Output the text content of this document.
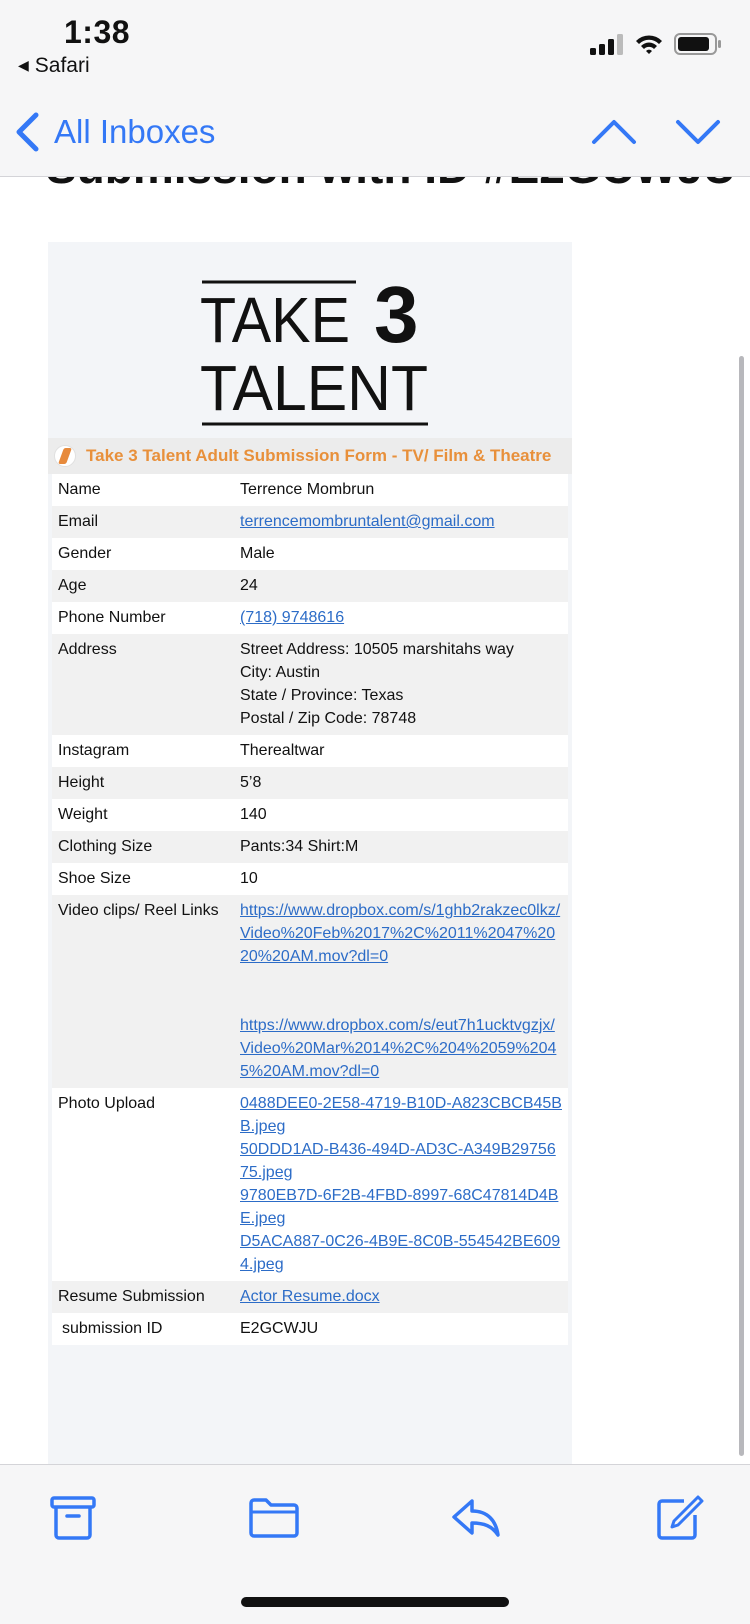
1:38
◀ Safari
All Inboxes
TAKE 3
TALENT
Take 3 Talent Adult Submission Form - TV/ Film & Theatre
Name	Terrence Mombrun
Email	terrencemombruntalent@gmail.com
Gender	Male
Age	24
Phone Number	(718) 9748616
Address	Street Address: 10505 marshitahs way
City: Austin
State / Province: Texas
Postal / Zip Code: 78748
Instagram	Therealtwar
Height	5’8
Weight	140
Clothing Size	Pants:34 Shirt:M
Shoe Size	10
Video clips/ Reel Links	https://www.dropbox.com/s/1ghb2rakzec0lkz/Video%20Feb%2017%2C%2011%2047%2020%20AM.mov?dl=0
https://www.dropbox.com/s/eut7h1ucktvgzjx/Video%20Mar%2014%2C%204%2059%2045%20AM.mov?dl=0
Photo Upload	0488DEE0-2E58-4719-B10D-A823CBCB45BB.jpeg
50DDD1AD-B436-494D-AD3C-A349B2975675.jpeg
9780EB7D-6F2B-4FBD-8997-68C47814D4BE.jpeg
D5ACA887-0C26-4B9E-8C0B-554542BE6094.jpeg
Resume Submission	Actor Resume.docx
submission ID	E2GCWJU
